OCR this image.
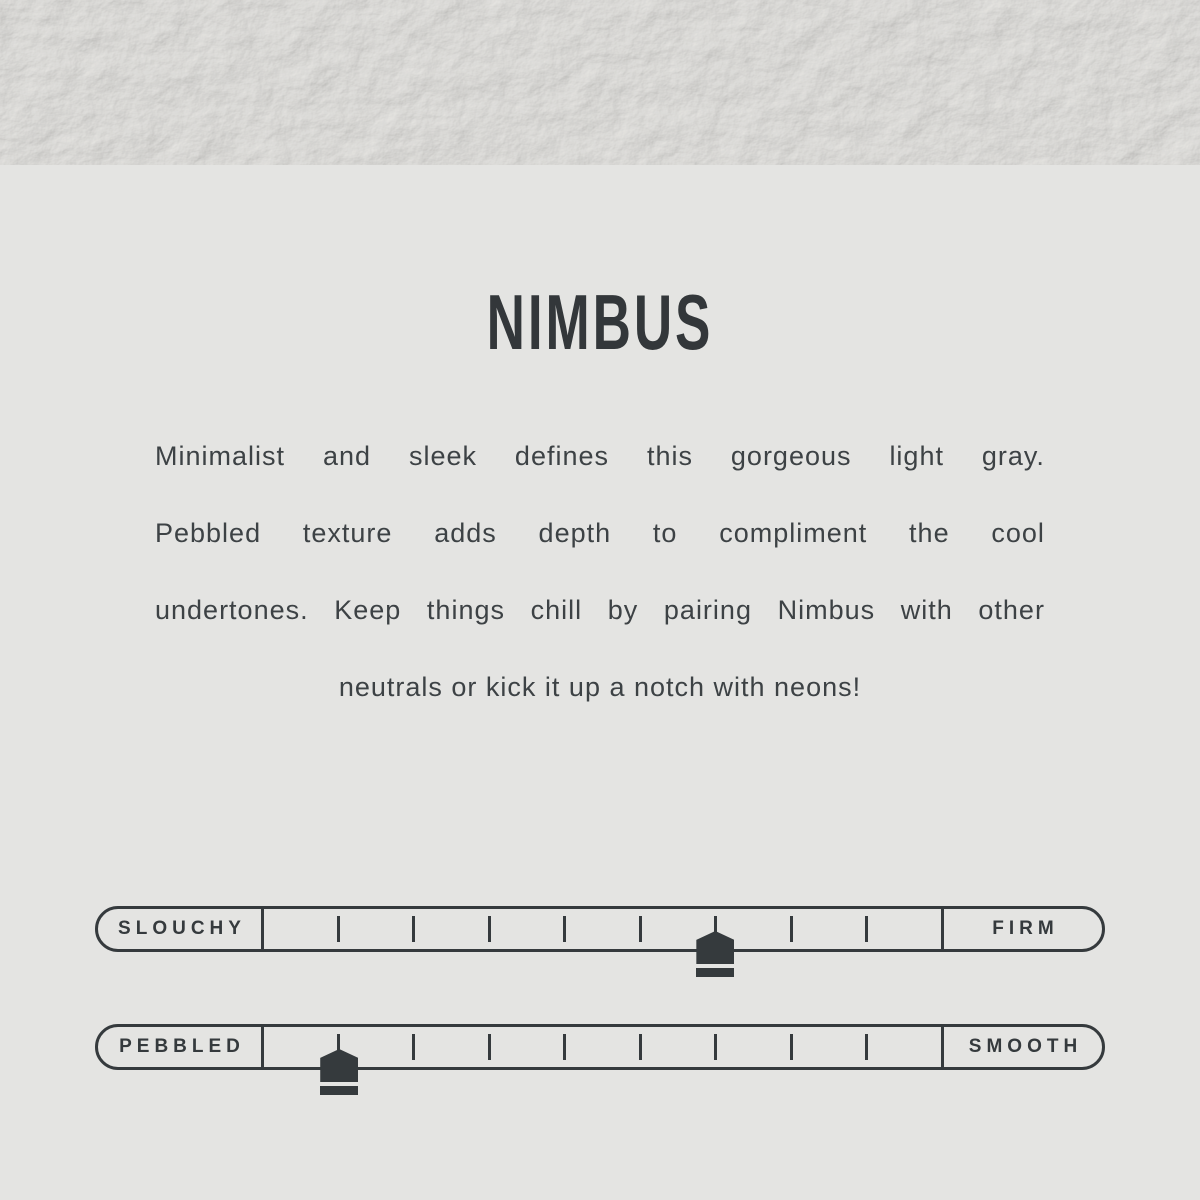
NIMBUS
Minimalist and sleek defines this gorgeous light gray.
Pebbled texture adds depth to compliment the cool
undertones. Keep things chill by pairing Nimbus with other
neutrals or kick it up a notch with neons!
SLOUCHY	FIRM
PEBBLED	SMOOTH
